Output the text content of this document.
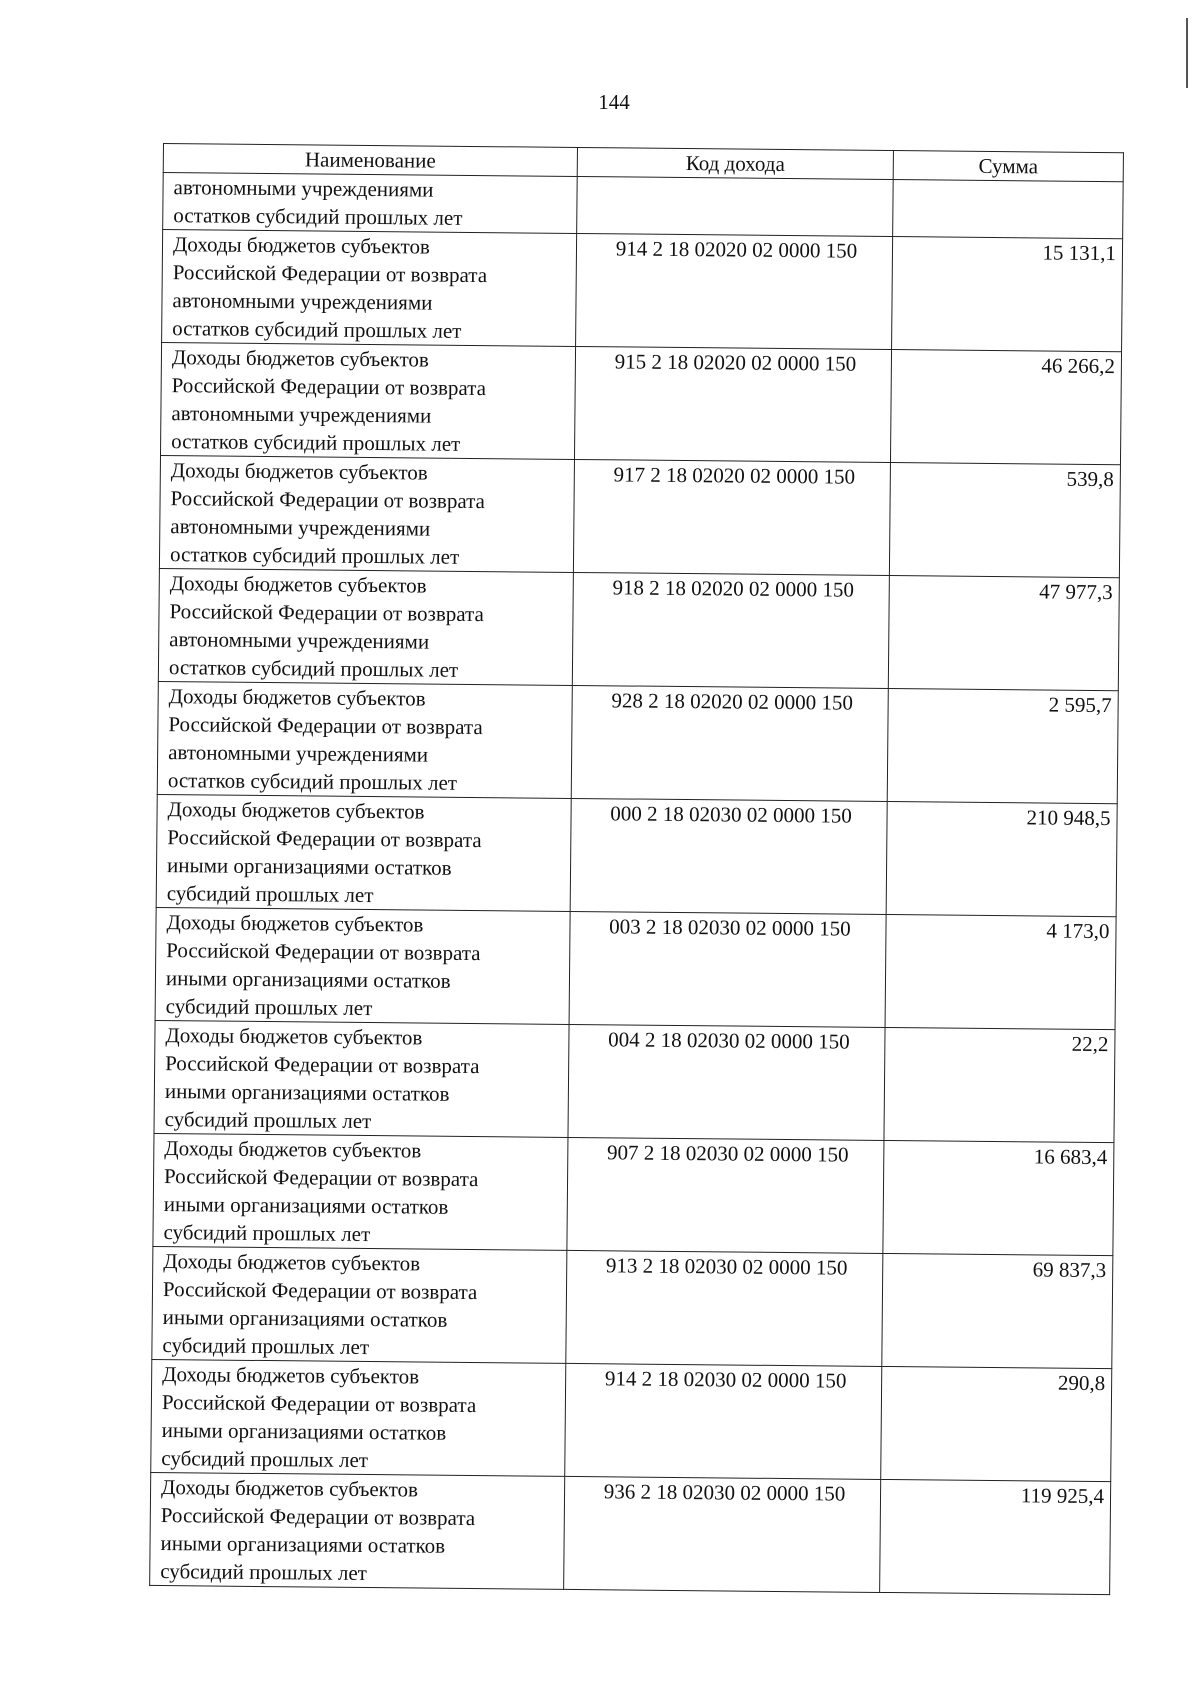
144
Наименование	Код дохода	Сумма

автономными учреждениями
остатков субсидий прошлых лет		

Доходы бюджетов субъектов
Российской Федерации от возврата
автономными учреждениями
остатков субсидий прошлых лет	914 2 18 02020 02 0000 150	15 131,1

Доходы бюджетов субъектов
Российской Федерации от возврата
автономными учреждениями
остатков субсидий прошлых лет	915 2 18 02020 02 0000 150	46 266,2

Доходы бюджетов субъектов
Российской Федерации от возврата
автономными учреждениями
остатков субсидий прошлых лет	917 2 18 02020 02 0000 150	539,8

Доходы бюджетов субъектов
Российской Федерации от возврата
автономными учреждениями
остатков субсидий прошлых лет	918 2 18 02020 02 0000 150	47 977,3

Доходы бюджетов субъектов
Российской Федерации от возврата
автономными учреждениями
остатков субсидий прошлых лет	928 2 18 02020 02 0000 150	2 595,7

Доходы бюджетов субъектов
Российской Федерации от возврата
иными организациями остатков
субсидий прошлых лет	000 2 18 02030 02 0000 150	210 948,5

Доходы бюджетов субъектов
Российской Федерации от возврата
иными организациями остатков
субсидий прошлых лет	003 2 18 02030 02 0000 150	4 173,0

Доходы бюджетов субъектов
Российской Федерации от возврата
иными организациями остатков
субсидий прошлых лет	004 2 18 02030 02 0000 150	22,2

Доходы бюджетов субъектов
Российской Федерации от возврата
иными организациями остатков
субсидий прошлых лет	907 2 18 02030 02 0000 150	16 683,4

Доходы бюджетов субъектов
Российской Федерации от возврата
иными организациями остатков
субсидий прошлых лет	913 2 18 02030 02 0000 150	69 837,3

Доходы бюджетов субъектов
Российской Федерации от возврата
иными организациями остатков
субсидий прошлых лет	914 2 18 02030 02 0000 150	290,8

Доходы бюджетов субъектов
Российской Федерации от возврата
иными организациями остатков
субсидий прошлых лет	936 2 18 02030 02 0000 150	119 925,4
